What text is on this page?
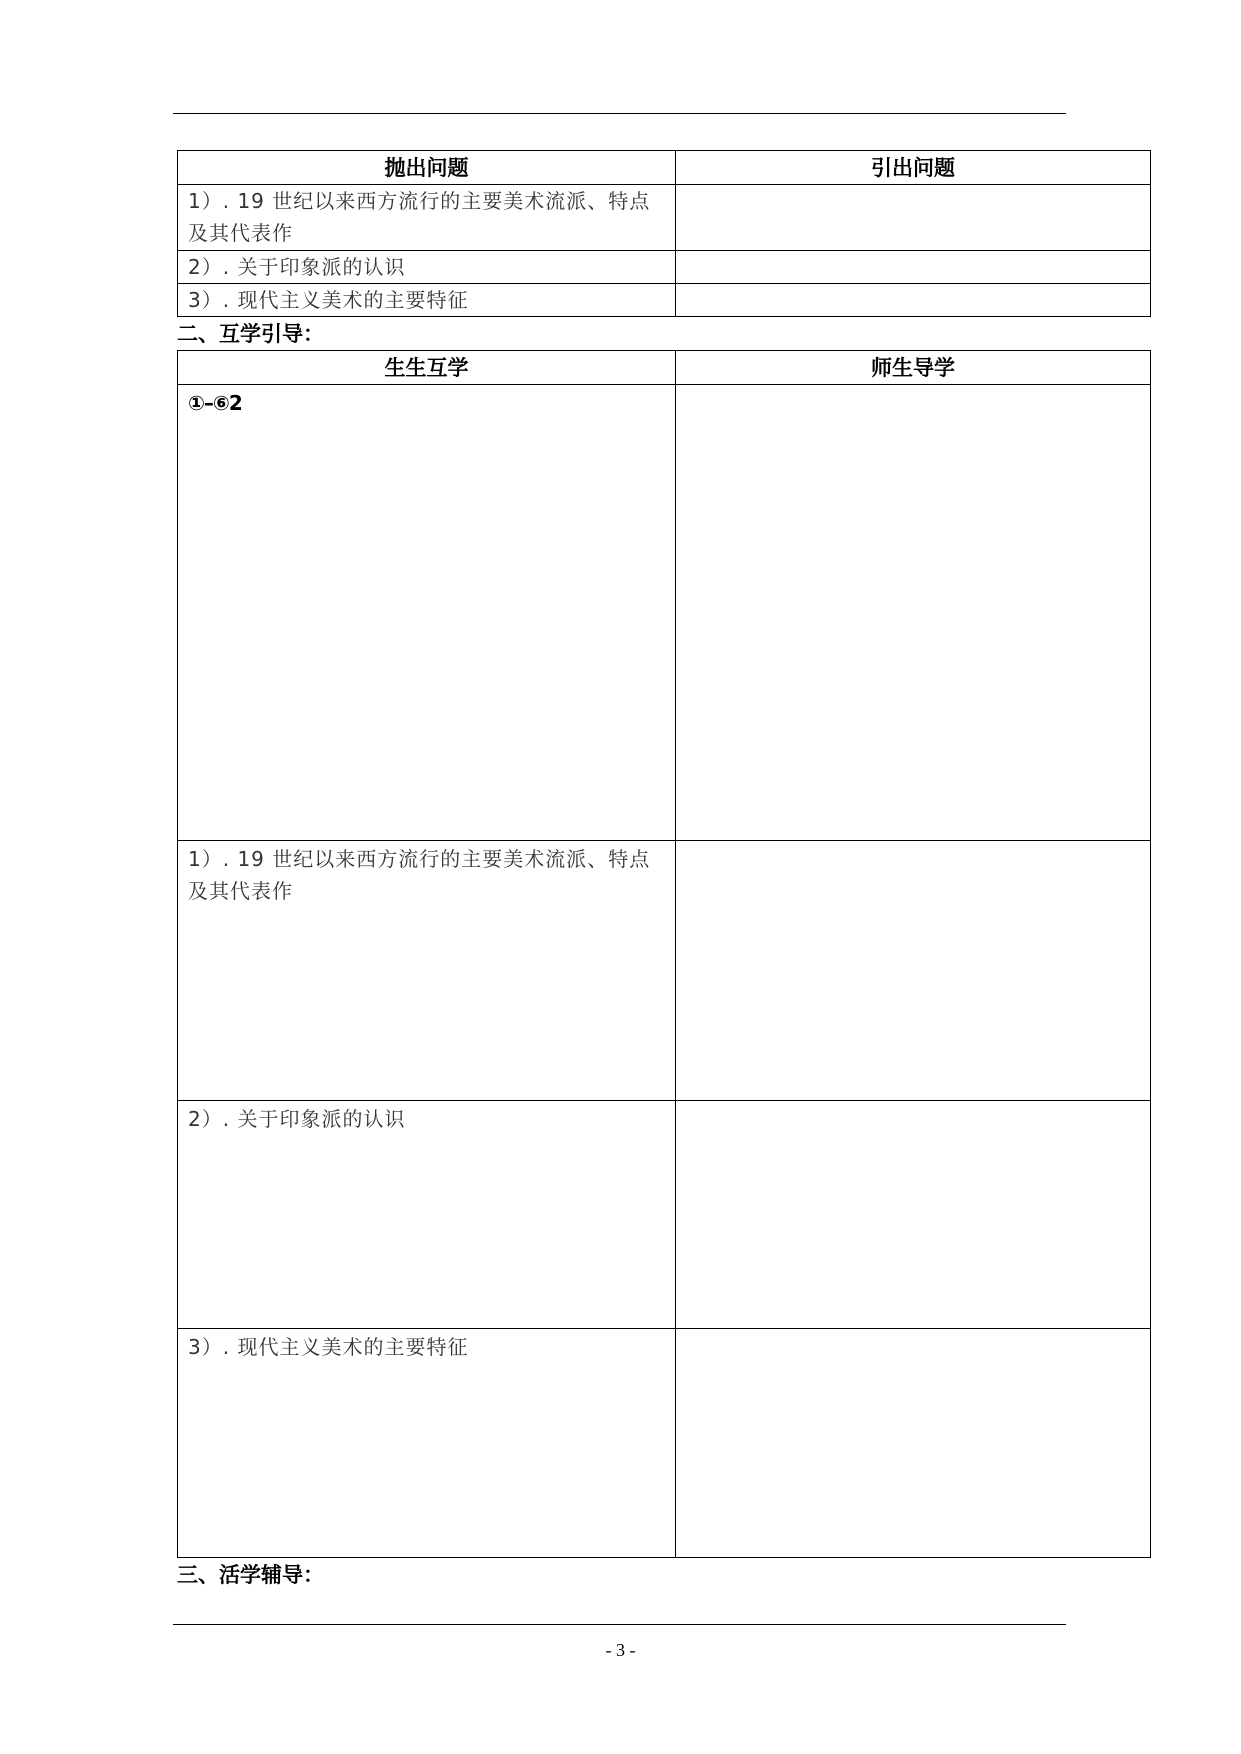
抛出问题	引出问题
1）. 19 世纪以来西方流行的主要美术流派、特点及其代表作	
2）. 关于印象派的认识	
3）. 现代主义美术的主要特征	

二、互学引导：

生生互学	师生导学
①–⑥2	
1）. 19 世纪以来西方流行的主要美术流派、特点及其代表作	
2）. 关于印象派的认识	
3）. 现代主义美术的主要特征	

三、活学辅导：

- 3 -
